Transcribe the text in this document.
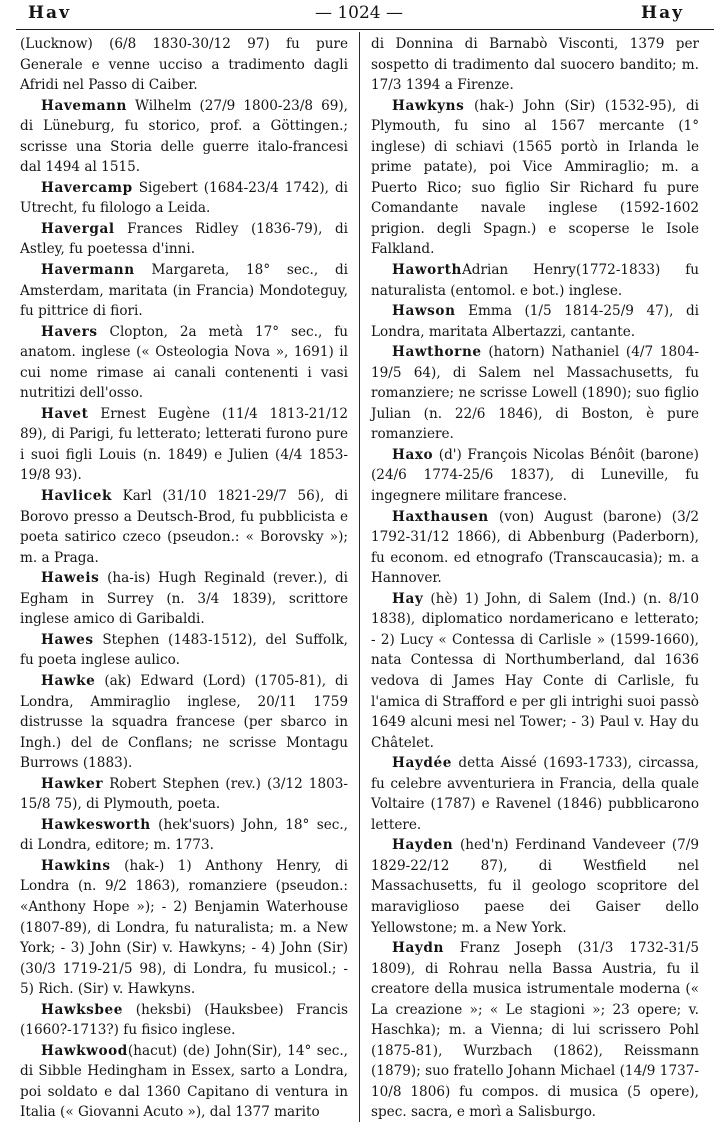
Hav	— 1024 —	Hay

(Lucknow) (6/8 1830-30/12 97) fu pure Generale e venne ucciso a tradimento dagli Afridi nel Passo di Caiber.

Havemann Wilhelm (27/9 1800-23/8 69), di Lüneburg, fu storico, prof. a Göttingen.; scrisse una Storia delle guerre italo-francesi dal 1494 al 1515.

Havercamp Sigebert (1684-23/4 1742), di Utrecht, fu filologo a Leida.

Havergal Frances Ridley (1836-79), di Astley, fu poetessa d'inni.

Havermann Margareta, 18° sec., di Amsterdam, maritata (in Francia) Mondoteguy, fu pittrice di fiori.

Havers Clopton, 2a metà 17° sec., fu anatom. inglese (« Osteologia Nova », 1691) il cui nome rimase ai canali contenenti i vasi nutritizi dell'osso.

Havet Ernest Eugène (11/4 1813-21/12 89), di Parigi, fu letterato; letterati furono pure i suoi figli Louis (n. 1849) e Julien (4/4 1853-19/8 93).

Havlicek Karl (31/10 1821-29/7 56), di Borovo presso a Deutsch-Brod, fu pubblicista e poeta satirico czeco (pseudon.: « Borovsky »); m. a Praga.

Haweis (ha-is) Hugh Reginald (rever.), di Egham in Surrey (n. 3/4 1839), scrittore inglese amico di Garibaldi.

Hawes Stephen (1483-1512), del Suffolk, fu poeta inglese aulico.

Hawke (ak) Edward (Lord) (1705-81), di Londra, Ammiraglio inglese, 20/11 1759 distrusse la squadra francese (per sbarco in Ingh.) del de Conflans; ne scrisse Montagu Burrows (1883).

Hawker Robert Stephen (rev.) (3/12 1803-15/8 75), di Plymouth, poeta.

Hawkesworth (hek'suors) John, 18° sec., di Londra, editore; m. 1773.

Hawkins (hak-) 1) Anthony Henry, di Londra (n. 9/2 1863), romanziere (pseudon.: «Anthony Hope »); - 2) Benjamin Waterhouse (1807-89), di Londra, fu naturalista; m. a New York; - 3) John (Sir) v. Hawkyns; - 4) John (Sir) (30/3 1719-21/5 98), di Londra, fu musicol.; - 5) Rich. (Sir) v. Hawkyns.

Hawksbee (heksbi) (Hauksbee) Francis (1660?-1713?) fu fisico inglese.

Hawkwood(hacut) (de) John(Sir), 14° sec., di Sibble Hedingham in Essex, sarto a Londra, poi soldato e dal 1360 Capitano di ventura in Italia (« Giovanni Acuto »), dal 1377 marito

di Donnina di Barnabò Visconti, 1379 per sospetto di tradimento dal suocero bandito; m. 17/3 1394 a Firenze.

Hawkyns (hak-) John (Sir) (1532-95), di Plymouth, fu sino al 1567 mercante (1° inglese) di schiavi (1565 portò in Irlanda le prime patate), poi Vice Ammiraglio; m. a Puerto Rico; suo figlio Sir Richard fu pure Comandante navale inglese (1592-1602 prigion. degli Spagn.) e scoperse le Isole Falkland.

HaworthAdrian Henry(1772-1833) fu naturalista (entomol. e bot.) inglese.

Hawson Emma (1/5 1814-25/9 47), di Londra, maritata Albertazzi, cantante.

Hawthorne (hatorn) Nathaniel (4/7 1804-19/5 64), di Salem nel Massachusetts, fu romanziere; ne scrisse Lowell (1890); suo figlio Julian (n. 22/6 1846), di Boston, è pure romanziere.

Haxo (d') François Nicolas Bénôit (barone) (24/6 1774-25/6 1837), di Luneville, fu ingegnere militare francese.

Haxthausen (von) August (barone) (3/2 1792-31/12 1866), di Abbenburg (Paderborn), fu econom. ed etnografo (Transcaucasia); m. a Hannover.

Hay (hè) 1) John, di Salem (Ind.) (n. 8/10 1838), diplomatico nordamericano e letterato; - 2) Lucy « Contessa di Carlisle » (1599-1660), nata Contessa di Northumberland, dal 1636 vedova di James Hay Conte di Carlisle, fu l'amica di Strafford e per gli intrighi suoi passò 1649 alcuni mesi nel Tower; - 3) Paul v. Hay du Châtelet.

Haydée detta Aissé (1693-1733), circassa, fu celebre avventuriera in Francia, della quale Voltaire (1787) e Ravenel (1846) pubblicarono lettere.

Hayden (hed'n) Ferdinand Vandeveer (7/9 1829-22/12 87), di Westfield nel Massachusetts, fu il geologo scopritore del maraviglioso paese dei Gaiser dello Yellowstone; m. a New York.

Haydn Franz Joseph (31/3 1732-31/5 1809), di Rohrau nella Bassa Austria, fu il creatore della musica istrumentale moderna (« La creazione »; « Le stagioni »; 23 opere; v. Haschka); m. a Vienna; di lui scrissero Pohl (1875-81), Wurzbach (1862), Reissmann (1879); suo fratello Johann Michael (14/9 1737-10/8 1806) fu compos. di musica (5 opere), spec. sacra, e morì a Salisburgo.
